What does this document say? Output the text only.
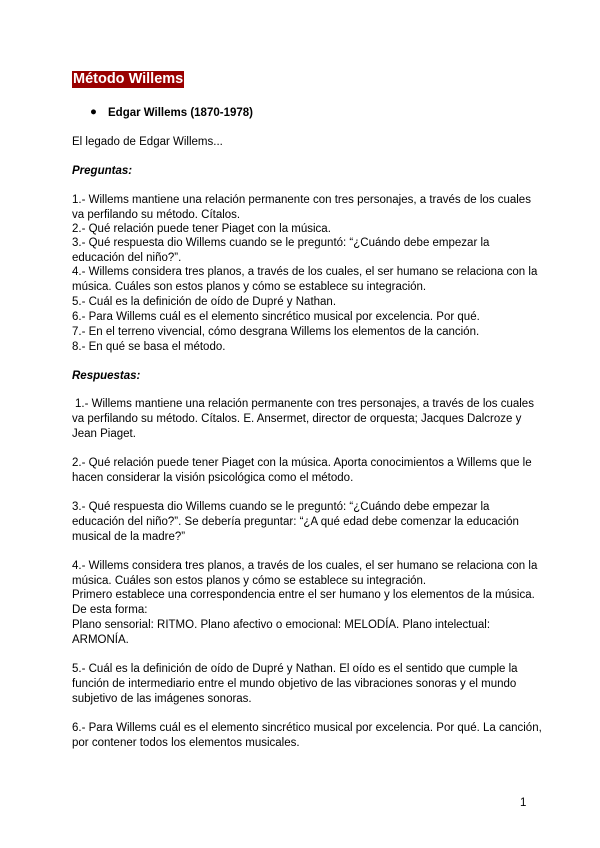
Método Willems
● Edgar Willems (1870-1978)
El legado de Edgar Willems...
Preguntas:
1.- Willems mantiene una relación permanente con tres personajes, a través de los cuales
va perfilando su método. Cítalos.
2.- Qué relación puede tener Piaget con la música.
3.- Qué respuesta dio Willems cuando se le preguntó: “¿Cuándo debe empezar la
educación del niño?”.
4.- Willems considera tres planos, a través de los cuales, el ser humano se relaciona con la
música. Cuáles son estos planos y cómo se establece su integración.
5.- Cuál es la definición de oído de Dupré y Nathan.
6.- Para Willems cuál es el elemento sincrético musical por excelencia. Por qué.
7.- En el terreno vivencial, cómo desgrana Willems los elementos de la canción.
8.- En qué se basa el método.
Respuestas:
1.- Willems mantiene una relación permanente con tres personajes, a través de los cuales
va perfilando su método. Cítalos. E. Ansermet, director de orquesta; Jacques Dalcroze y
Jean Piaget.
2.- Qué relación puede tener Piaget con la música. Aporta conocimientos a Willems que le
hacen considerar la visión psicológica como el método.
3.- Qué respuesta dio Willems cuando se le preguntó: “¿Cuándo debe empezar la
educación del niño?”. Se debería preguntar: “¿A qué edad debe comenzar la educación
musical de la madre?”
4.- Willems considera tres planos, a través de los cuales, el ser humano se relaciona con la
música. Cuáles son estos planos y cómo se establece su integración.
Primero establece una correspondencia entre el ser humano y los elementos de la música.
De esta forma:
Plano sensorial: RITMO. Plano afectivo o emocional: MELODÍA. Plano intelectual:
ARMONÍA.
5.- Cuál es la definición de oído de Dupré y Nathan. El oído es el sentido que cumple la
función de intermediario entre el mundo objetivo de las vibraciones sonoras y el mundo
subjetivo de las imágenes sonoras.
6.- Para Willems cuál es el elemento sincrético musical por excelencia. Por qué. La canción,
por contener todos los elementos musicales.
1
